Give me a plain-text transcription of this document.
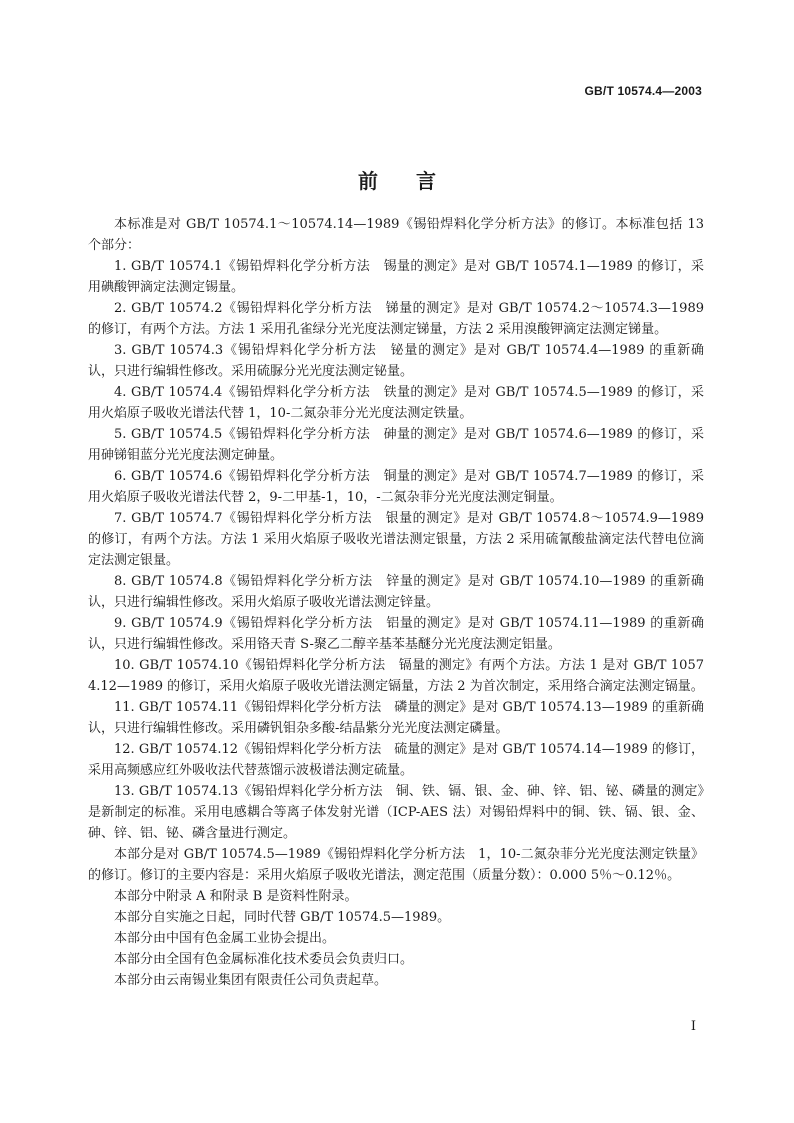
GB/T 10574.4—2003
前言

本标准是对 GB/T 10574.1～10574.14—1989《锡铅焊料化学分析方法》的修订。本标准包括 13 个部分：

1. GB/T 10574.1《锡铅焊料化学分析方法　锡量的测定》是对 GB/T 10574.1—1989 的修订，采用碘酸钾滴定法测定锡量。

2. GB/T 10574.2《锡铅焊料化学分析方法　锑量的测定》是对 GB/T 10574.2～10574.3—1989 的修订，有两个方法。方法 1 采用孔雀绿分光光度法测定锑量，方法 2 采用溴酸钾滴定法测定锑量。

3. GB/T 10574.3《锡铅焊料化学分析方法　铋量的测定》是对 GB/T 10574.4—1989 的重新确认，只进行编辑性修改。采用硫脲分光光度法测定铋量。

4. GB/T 10574.4《锡铅焊料化学分析方法　铁量的测定》是对 GB/T 10574.5—1989 的修订，采用火焰原子吸收光谱法代替 1，10-二氮杂菲分光光度法测定铁量。

5. GB/T 10574.5《锡铅焊料化学分析方法　砷量的测定》是对 GB/T 10574.6—1989 的修订，采用砷锑钼蓝分光光度法测定砷量。

6. GB/T 10574.6《锡铅焊料化学分析方法　铜量的测定》是对 GB/T 10574.7—1989 的修订，采用火焰原子吸收光谱法代替 2，9-二甲基-1，10，-二氮杂菲分光光度法测定铜量。

7. GB/T 10574.7《锡铅焊料化学分析方法　银量的测定》是对 GB/T 10574.8～10574.9—1989 的修订，有两个方法。方法 1 采用火焰原子吸收光谱法测定银量，方法 2 采用硫氰酸盐滴定法代替电位滴定法测定银量。

8. GB/T 10574.8《锡铅焊料化学分析方法　锌量的测定》是对 GB/T 10574.10—1989 的重新确认，只进行编辑性修改。采用火焰原子吸收光谱法测定锌量。

9. GB/T 10574.9《锡铅焊料化学分析方法　铝量的测定》是对 GB/T 10574.11—1989 的重新确认，只进行编辑性修改。采用铬天青 S-聚乙二醇辛基苯基醚分光光度法测定铝量。

10. GB/T 10574.10《锡铅焊料化学分析方法　镉量的测定》有两个方法。方法 1 是对 GB/T 10574.12—1989 的修订，采用火焰原子吸收光谱法测定镉量，方法 2 为首次制定，采用络合滴定法测定镉量。

11. GB/T 10574.11《锡铅焊料化学分析方法　磷量的测定》是对 GB/T 10574.13—1989 的重新确认，只进行编辑性修改。采用磷钒钼杂多酸-结晶紫分光光度法测定磷量。

12. GB/T 10574.12《锡铅焊料化学分析方法　硫量的测定》是对 GB/T 10574.14—1989 的修订，采用高频感应红外吸收法代替蒸馏示波极谱法测定硫量。

13. GB/T 10574.13《锡铅焊料化学分析方法　铜、铁、镉、银、金、砷、锌、铝、铋、磷量的测定》是新制定的标准。采用电感耦合等离子体发射光谱（ICP-AES 法）对锡铅焊料中的铜、铁、镉、银、金、砷、锌、铝、铋、磷含量进行测定。

本部分是对 GB/T 10574.5—1989《锡铅焊料化学分析方法　1，10-二氮杂菲分光光度法测定铁量》的修订。修订的主要内容是：采用火焰原子吸收光谱法，测定范围（质量分数）：0.000 5％～0.12％。

本部分中附录 A 和附录 B 是资料性附录。

本部分自实施之日起，同时代替 GB/T 10574.5—1989。

本部分由中国有色金属工业协会提出。

本部分由全国有色金属标准化技术委员会负责归口。

本部分由云南锡业集团有限责任公司负责起草。

I
